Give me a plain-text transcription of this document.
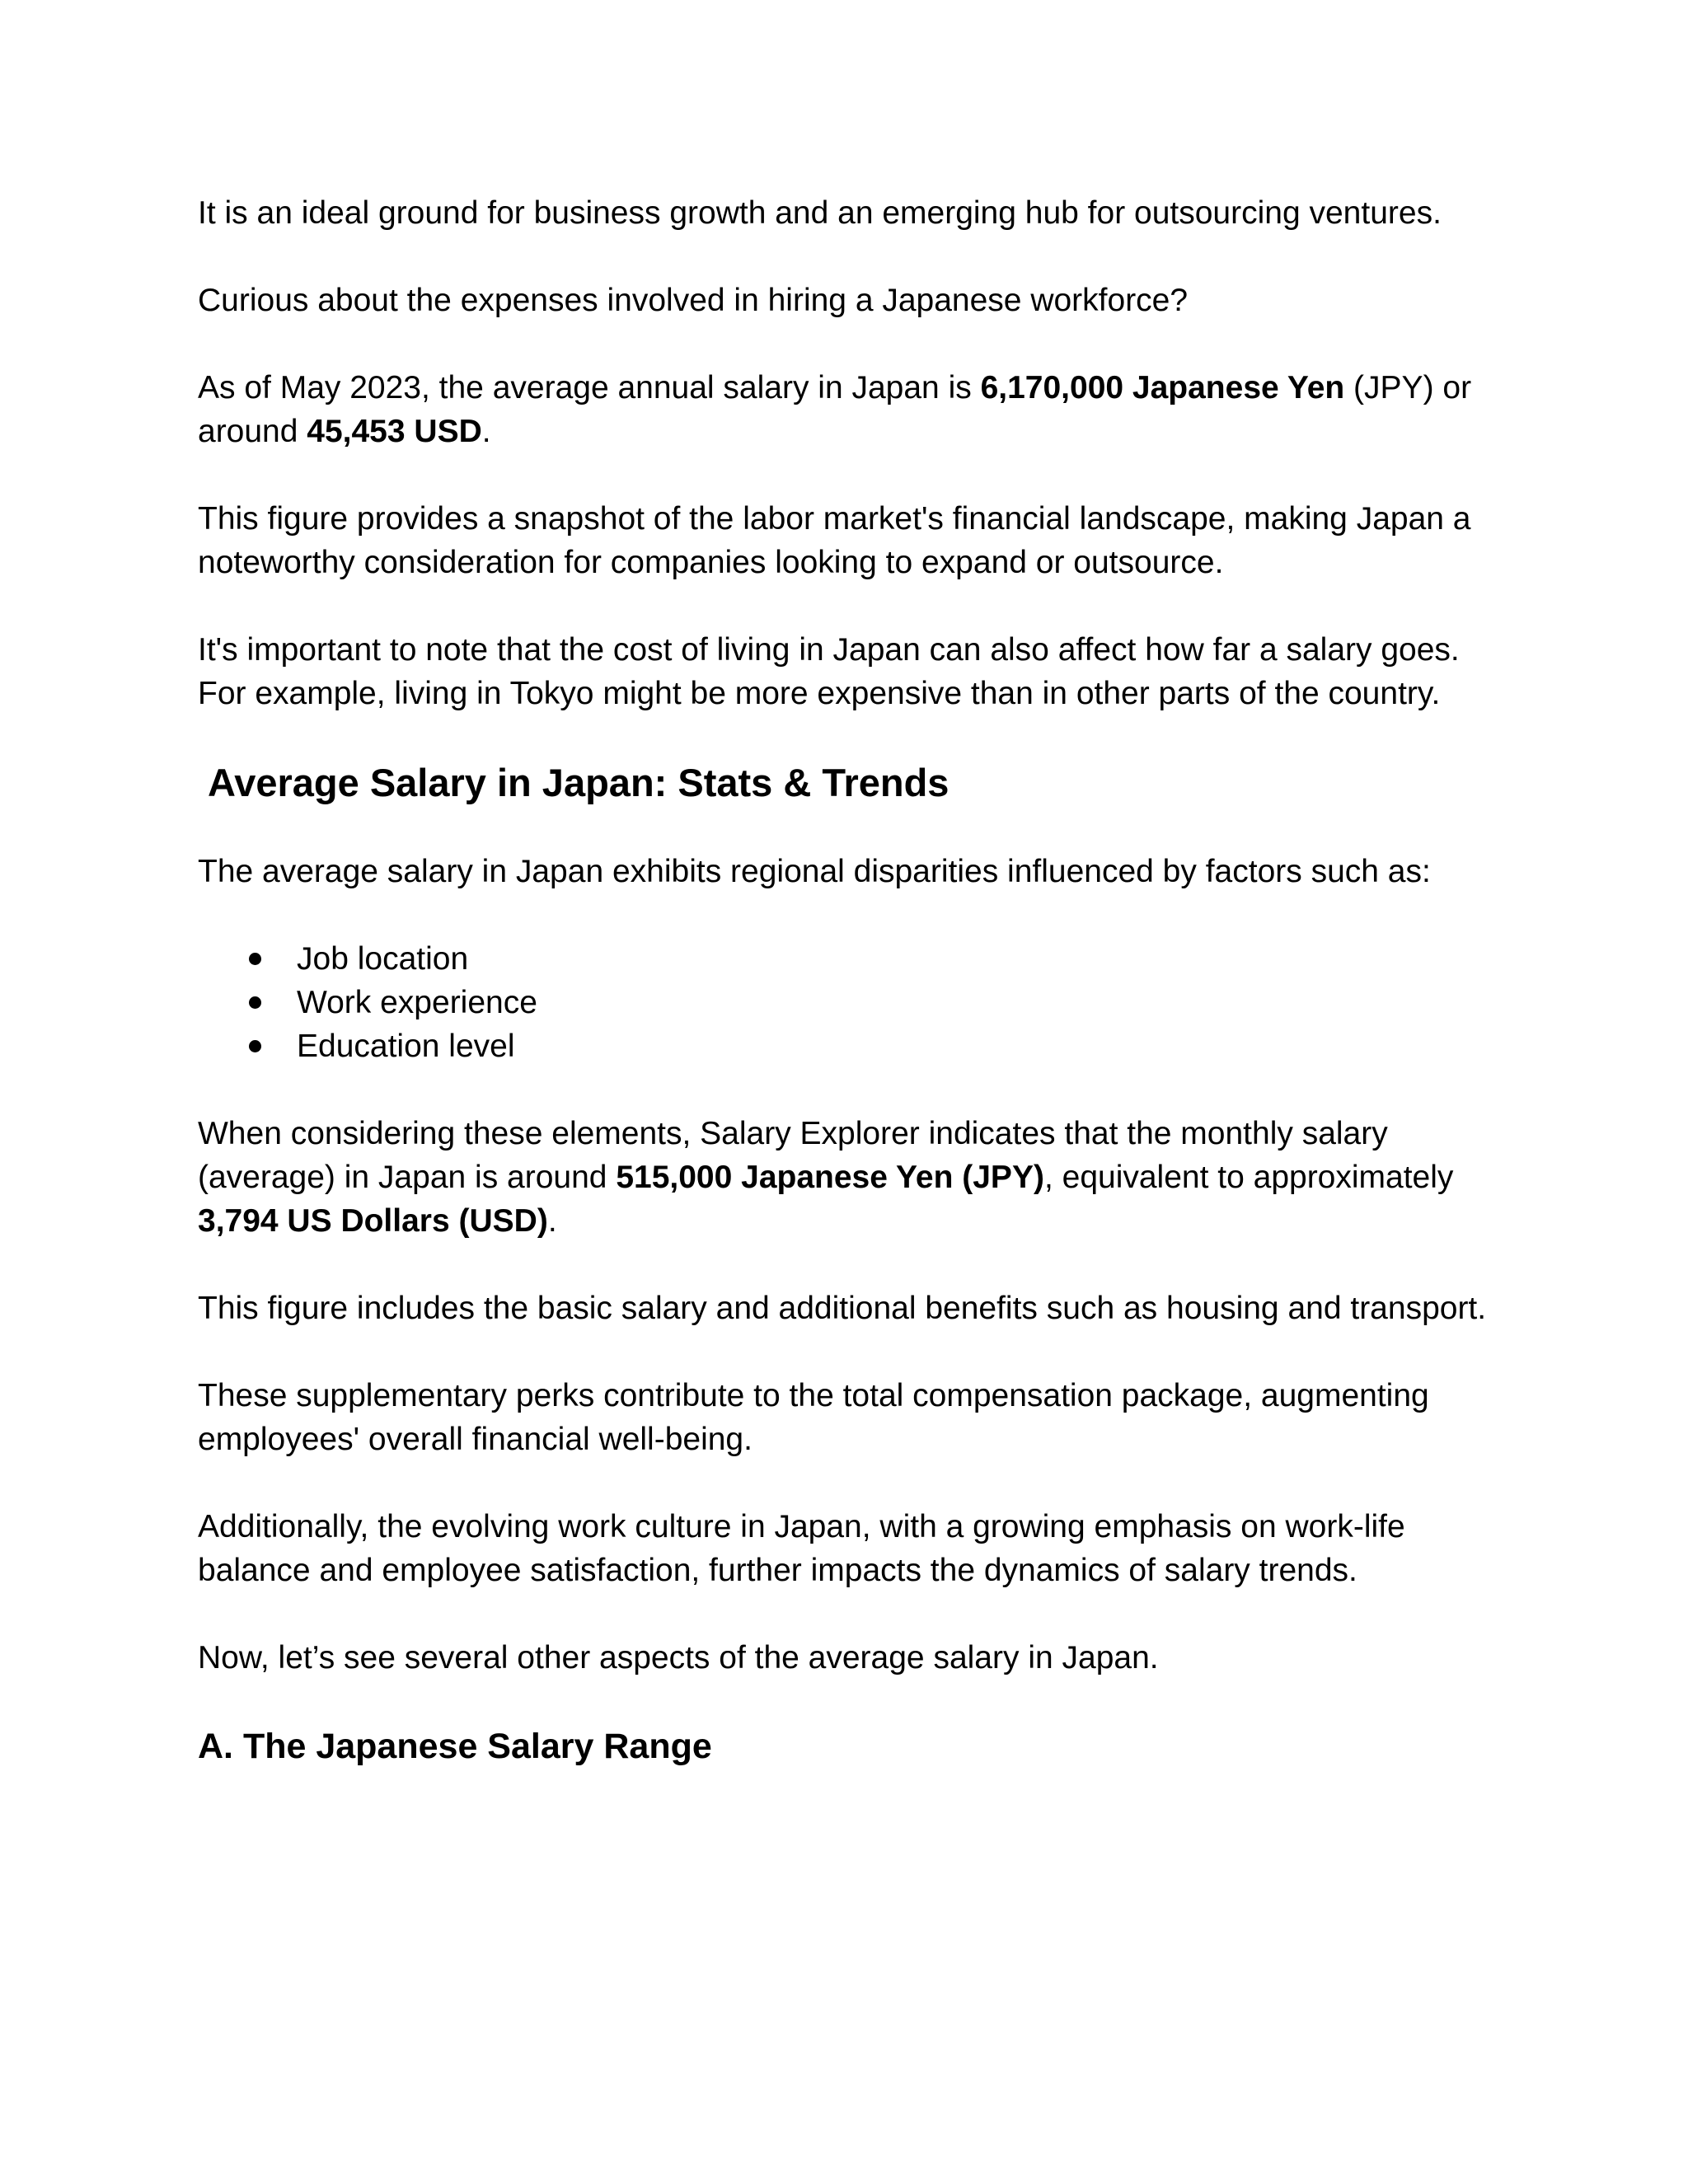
It is an ideal ground for business growth and an emerging hub for outsourcing ventures.

Curious about the expenses involved in hiring a Japanese workforce?

As of May 2023, the average annual salary in Japan is 6,170,000 Japanese Yen (JPY) or around 45,453 USD.

This figure provides a snapshot of the labor market's financial landscape, making Japan a noteworthy consideration for companies looking to expand or outsource.

It's important to note that the cost of living in Japan can also affect how far a salary goes. For example, living in Tokyo might be more expensive than in other parts of the country.

Average Salary in Japan: Stats & Trends

The average salary in Japan exhibits regional disparities influenced by factors such as:

Job location
Work experience
Education level

When considering these elements, Salary Explorer indicates that the monthly salary (average) in Japan is around 515,000 Japanese Yen (JPY), equivalent to approximately 3,794 US Dollars (USD).

This figure includes the basic salary and additional benefits such as housing and transport.

These supplementary perks contribute to the total compensation package, augmenting employees' overall financial well-being.

Additionally, the evolving work culture in Japan, with a growing emphasis on work-life balance and employee satisfaction, further impacts the dynamics of salary trends.

Now, let’s see several other aspects of the average salary in Japan.

A. The Japanese Salary Range
